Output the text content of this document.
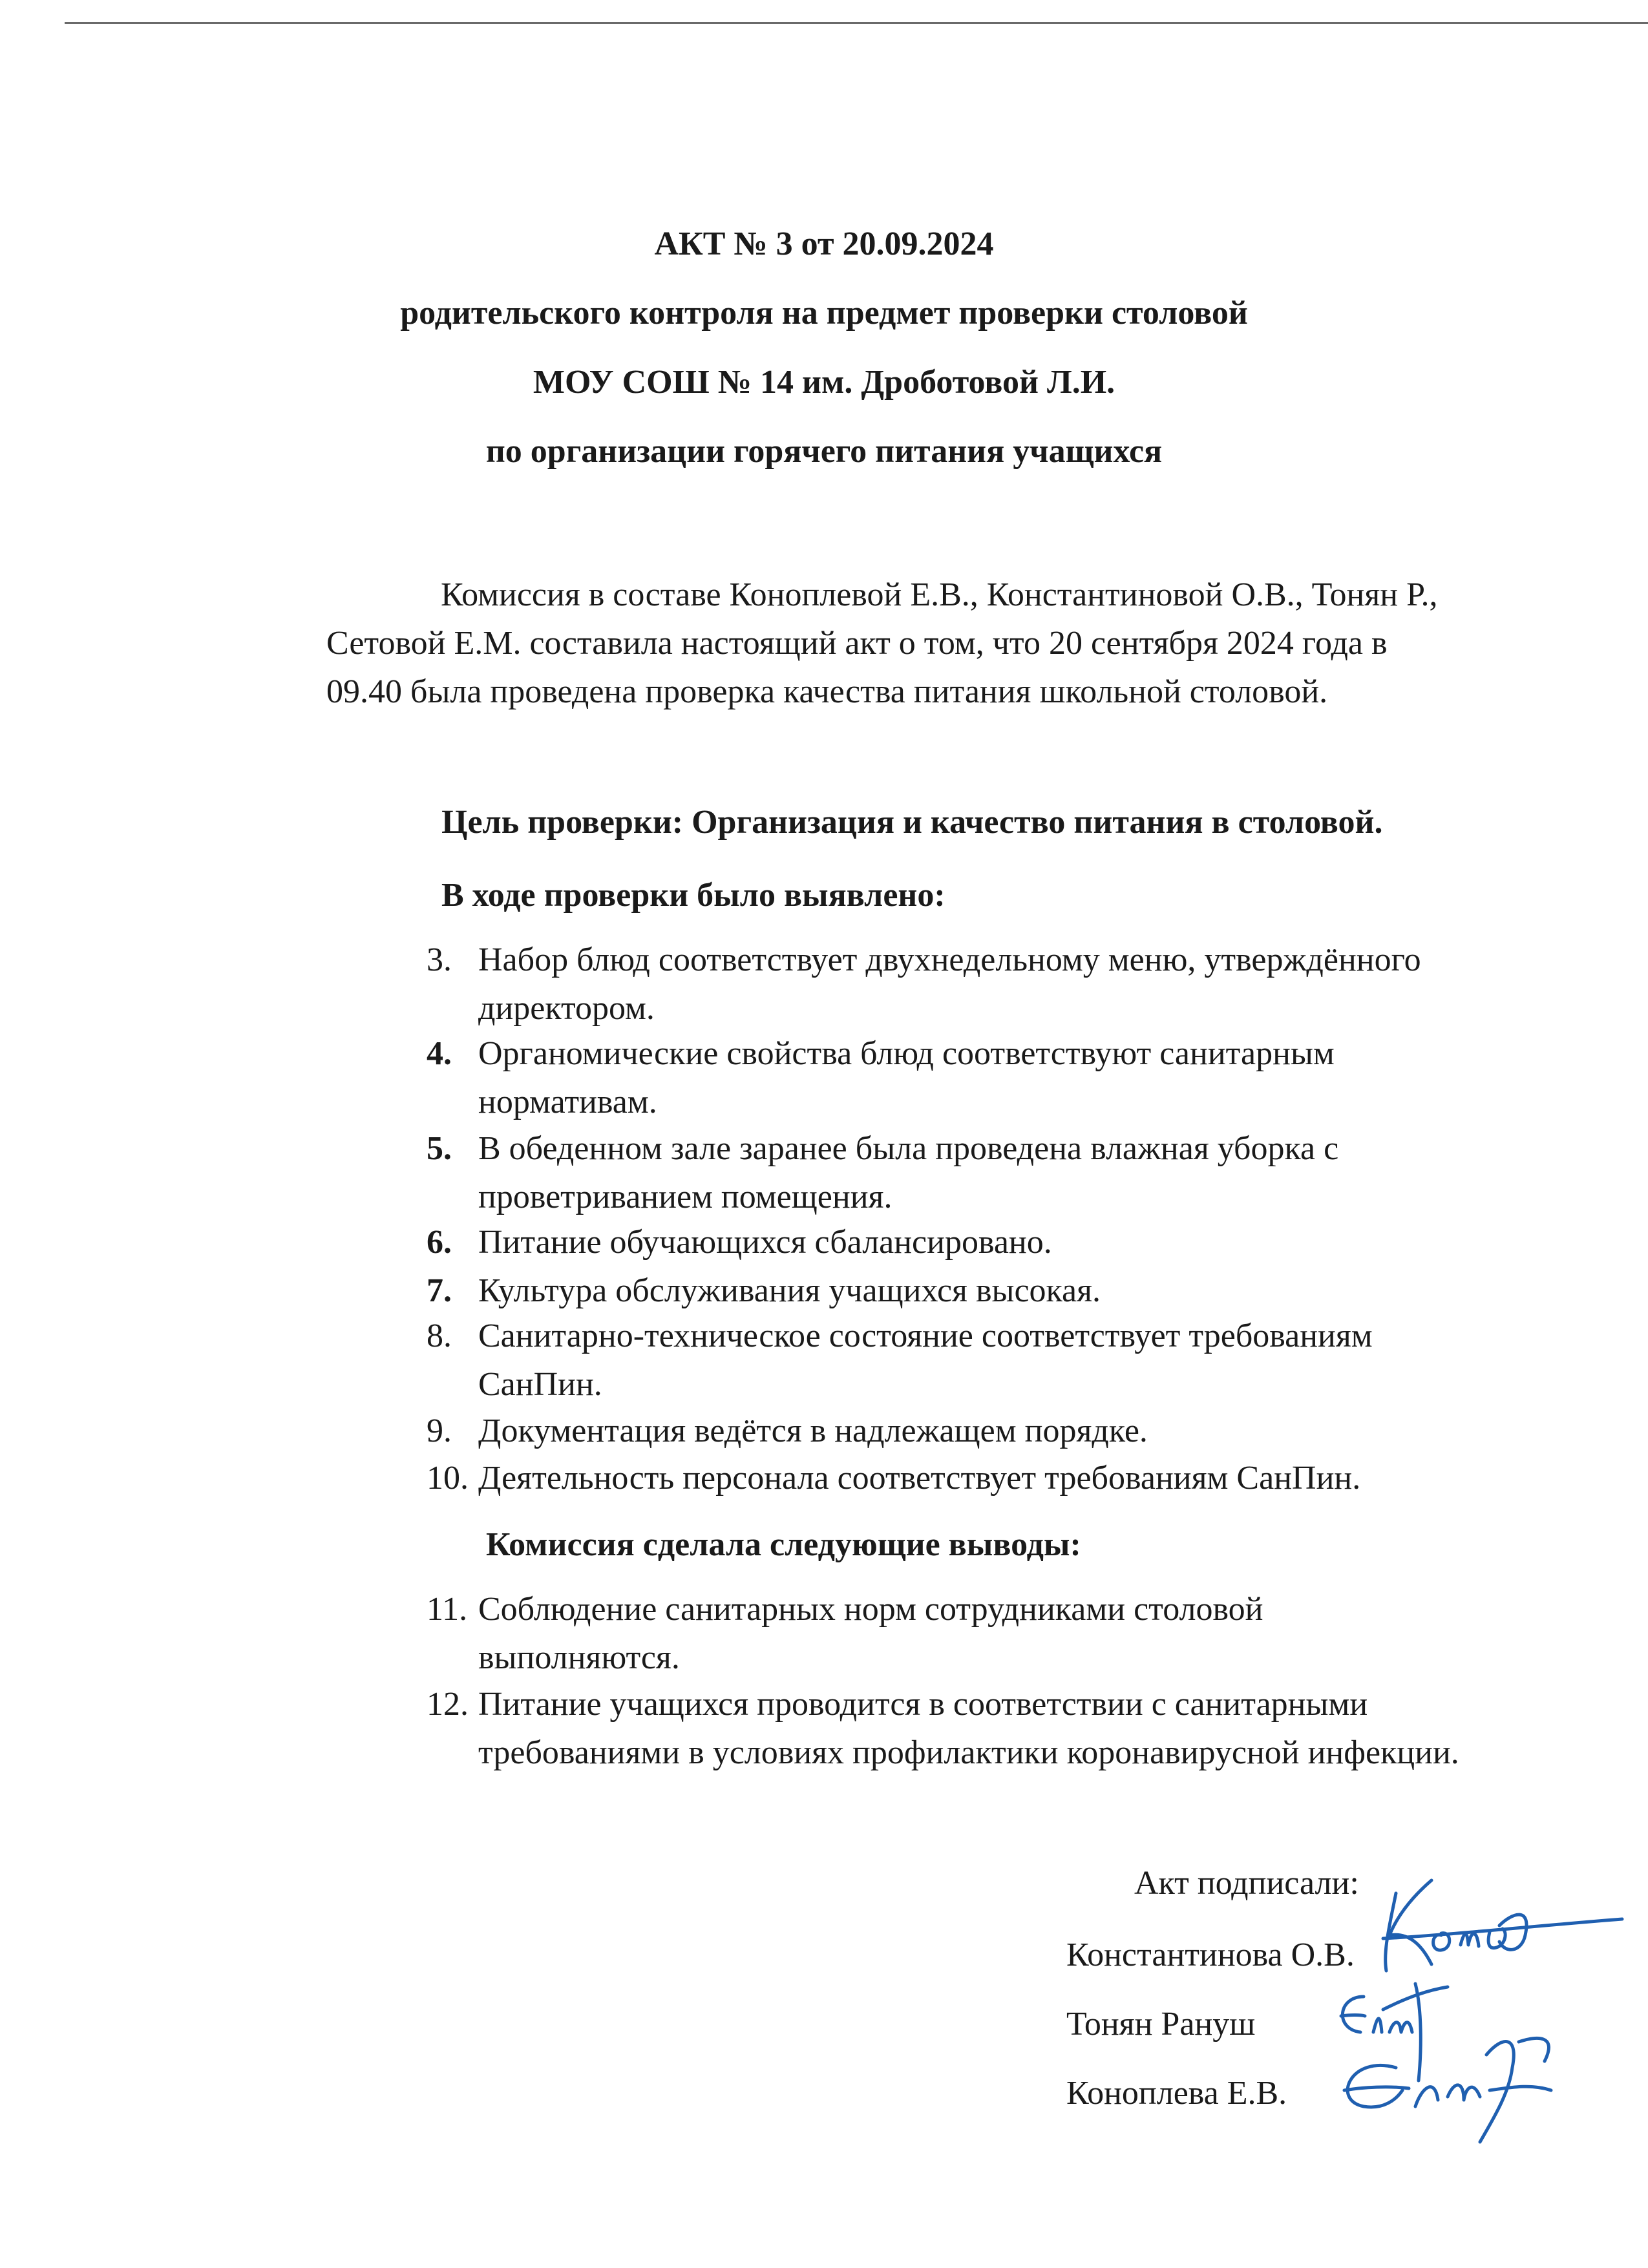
АКТ № 3 от 20.09.2024
родительского контроля на предмет проверки столовой
МОУ СОШ № 14 им. Дроботовой Л.И.
по организации горячего питания учащихся
Комиссия в составе Коноплевой Е.В., Константиновой О.В., Тонян Р.,
Сетовой Е.М. составила настоящий акт о том, что 20 сентября 2024 года в
09.40 была проведена проверка качества питания школьной столовой.
Цель проверки: Организация и качество питания в столовой.
В ходе проверки было выявлено:
3. Набор блюд соответствует двухнедельному меню, утверждённого
директором.
4. Органомические свойства блюд соответствуют санитарным
нормативам.
5. В обеденном зале заранее была проведена влажная уборка с
проветриванием помещения.
6. Питание обучающихся сбалансировано.
7. Культура обслуживания учащихся высокая.
8. Санитарно-техническое состояние соответствует требованиям
СанПин.
9. Документация ведётся в надлежащем порядке.
10. Деятельность персонала соответствует требованиям СанПин.
Комиссия сделала следующие выводы:
11. Соблюдение санитарных норм сотрудниками столовой
выполняются.
12. Питание учащихся проводится в соответствии с санитарными
требованиями в условиях профилактики коронавирусной инфекции.
Акт подписали:
Константинова О.В.
Тонян Рануш
Коноплева Е.В.
